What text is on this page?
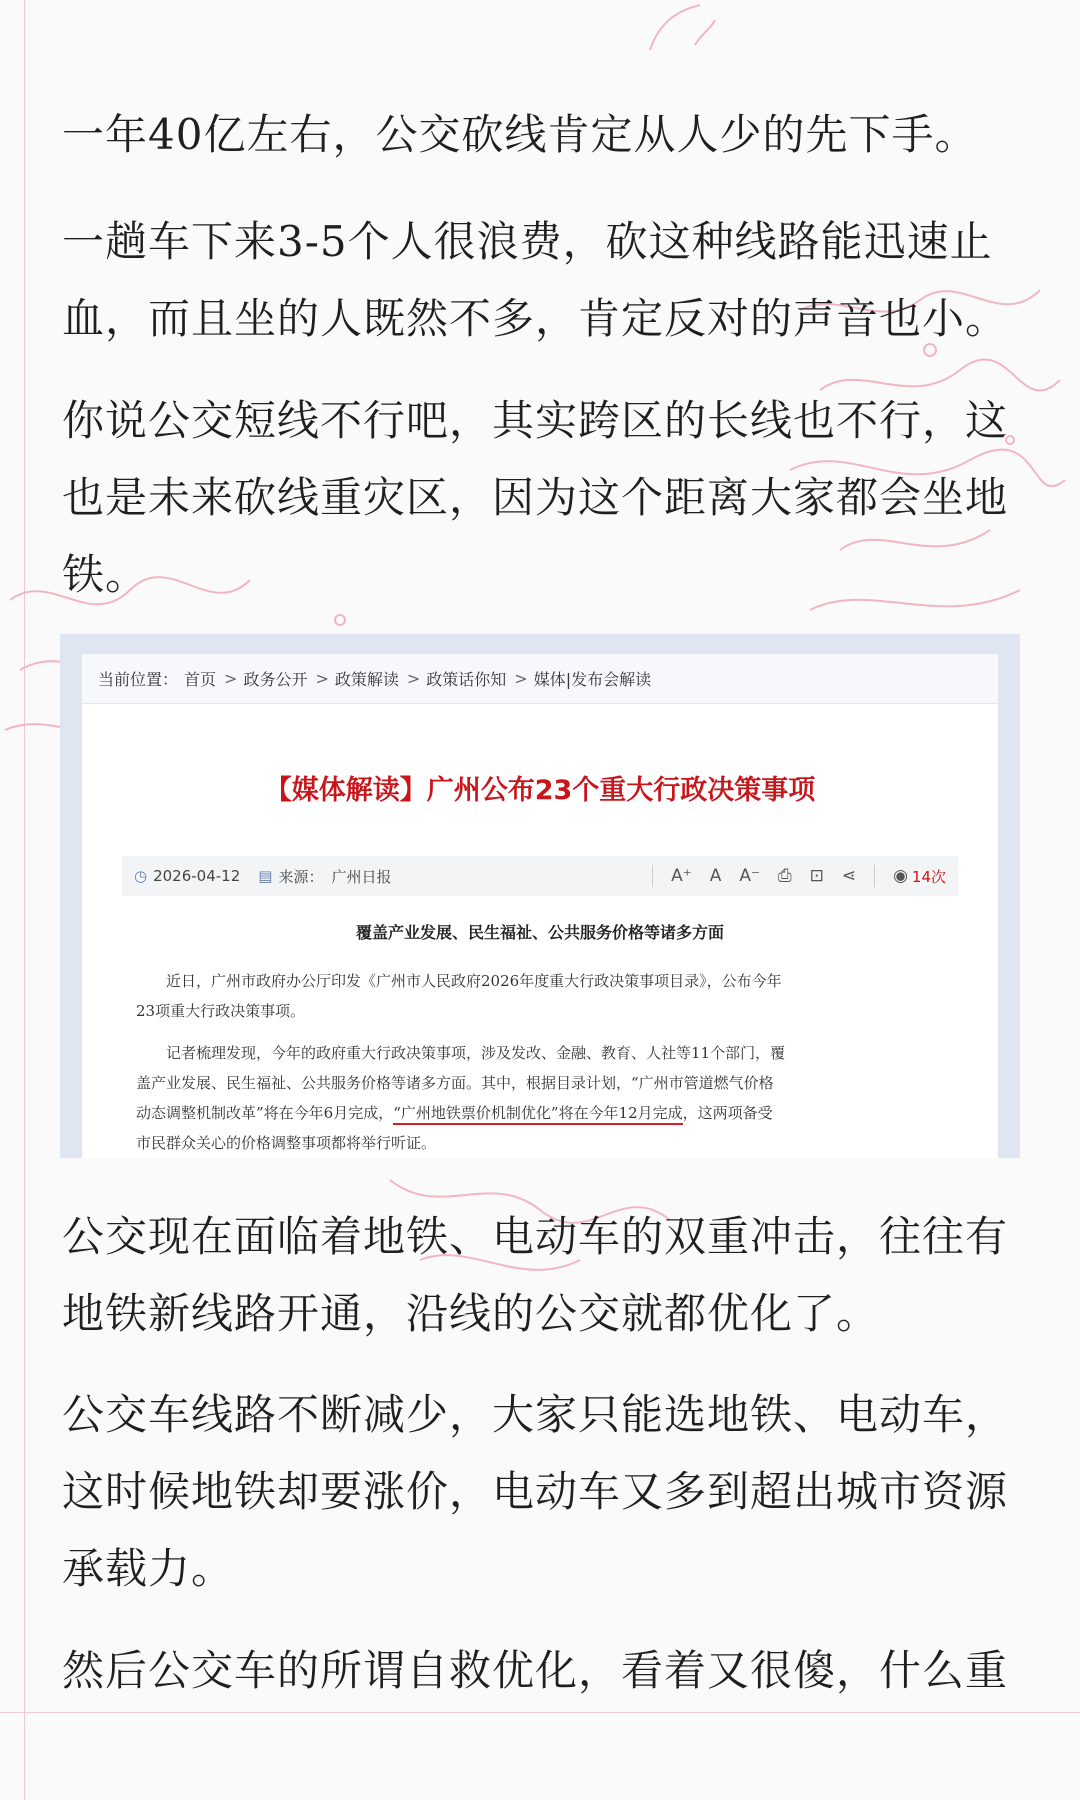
一年40亿左右，公交砍线肯定从人少的先下手。

一趟车下来3-5个人很浪费，砍这种线路能迅速止血，而且坐的人既然不多，肯定反对的声音也小。

你说公交短线不行吧，其实跨区的长线也不行，这也是未来砍线重灾区，因为这个距离大家都会坐地铁。

当前位置： 首页 > 政务公开 > 政策解读 > 政策话你知 > 媒体|发布会解读
【媒体解读】广州公布23个重大行政决策事项
◷ 2026-04-12 ▤ 来源： 广州日报	A⁺ A A⁻ ⎙ ⊡ ⋖ ◉ 14次
覆盖产业发展、民生福祉、公共服务价格等诸多方面

近日，广州市政府办公厅印发《广州市人民政府2026年度重大行政决策事项目录》，公布今年

23项重大行政决策事项。

记者梳理发现，今年的政府重大行政决策事项，涉及发改、金融、教育、人社等11个部门，覆

盖产业发展、民生福祉、公共服务价格等诸多方面。其中，根据目录计划，“广州市管道燃气价格

动态调整机制改革”将在今年6月完成，“广州地铁票价机制优化”将在今年12月完成，这两项备受

市民群众关心的价格调整事项都将举行听证。

公交现在面临着地铁、电动车的双重冲击，往往有地铁新线路开通，沿线的公交就都优化了。

公交车线路不断减少，大家只能选地铁、电动车，这时候地铁却要涨价，电动车又多到超出城市资源承载力。

然后公交车的所谓自救优化，看着又很傻，什么重
